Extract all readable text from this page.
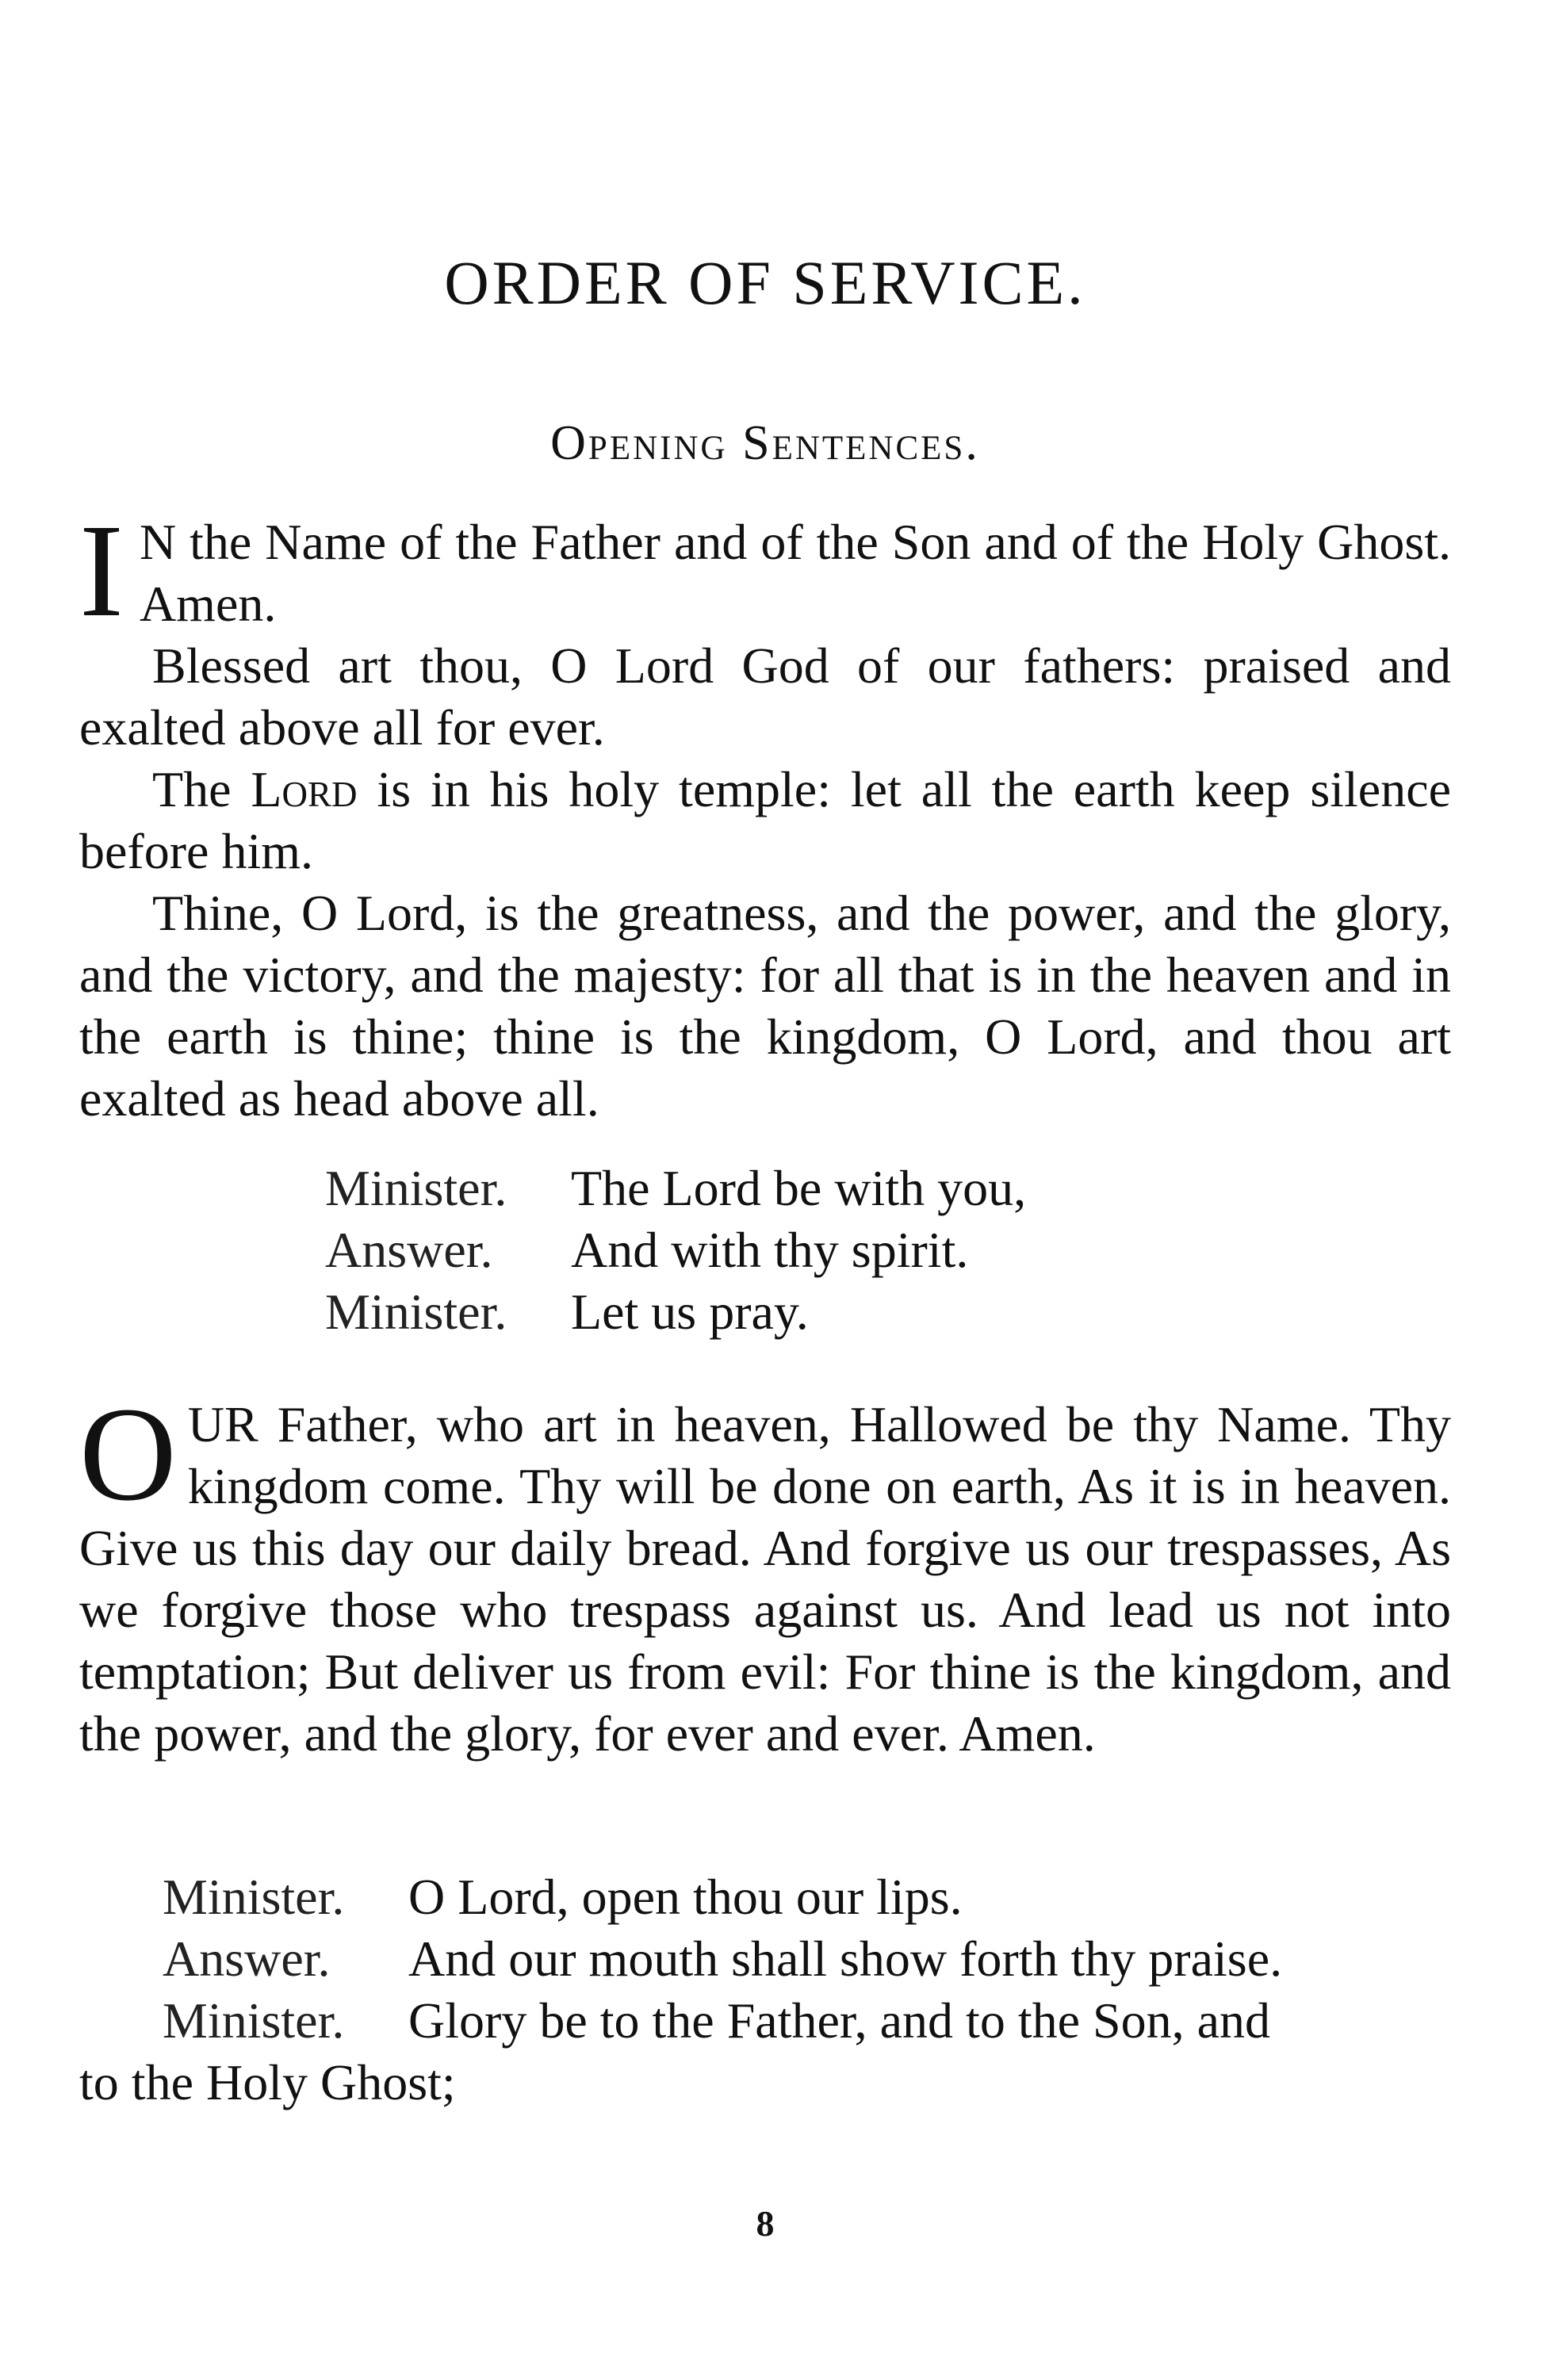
ORDER OF SERVICE.
Opening Sentences.

I N the Name of the Father and of the Son and of the Holy Ghost. Amen.

Blessed art thou, O Lord God of our fathers: praised and exalted above all for ever.

The Lord is in his holy temple: let all the earth keep silence before him.

Thine, O Lord, is the greatness, and the power, and the glory, and the victory, and the majesty: for all that is in the heaven and in the earth is thine; thine is the kingdom, O Lord, and thou art exalted as head above all.

Minister. The Lord be with you,
Answer. And with thy spirit.
Minister. Let us pray.

OUR Father, who art in heaven, Hallowed be thy Name. Thy kingdom come. Thy will be done on earth, As it is in heaven. Give us this day our daily bread. And forgive us our trespasses, As we forgive those who trespass against us. And lead us not into temptation; But deliver us from evil: For thine is the kingdom, and the power, and the glory, for ever and ever. Amen.

Minister. O Lord, open thou our lips.
Answer. And our mouth shall show forth thy praise.
Minister. Glory be to the Father, and to the Son, and
to the Holy Ghost;
8
